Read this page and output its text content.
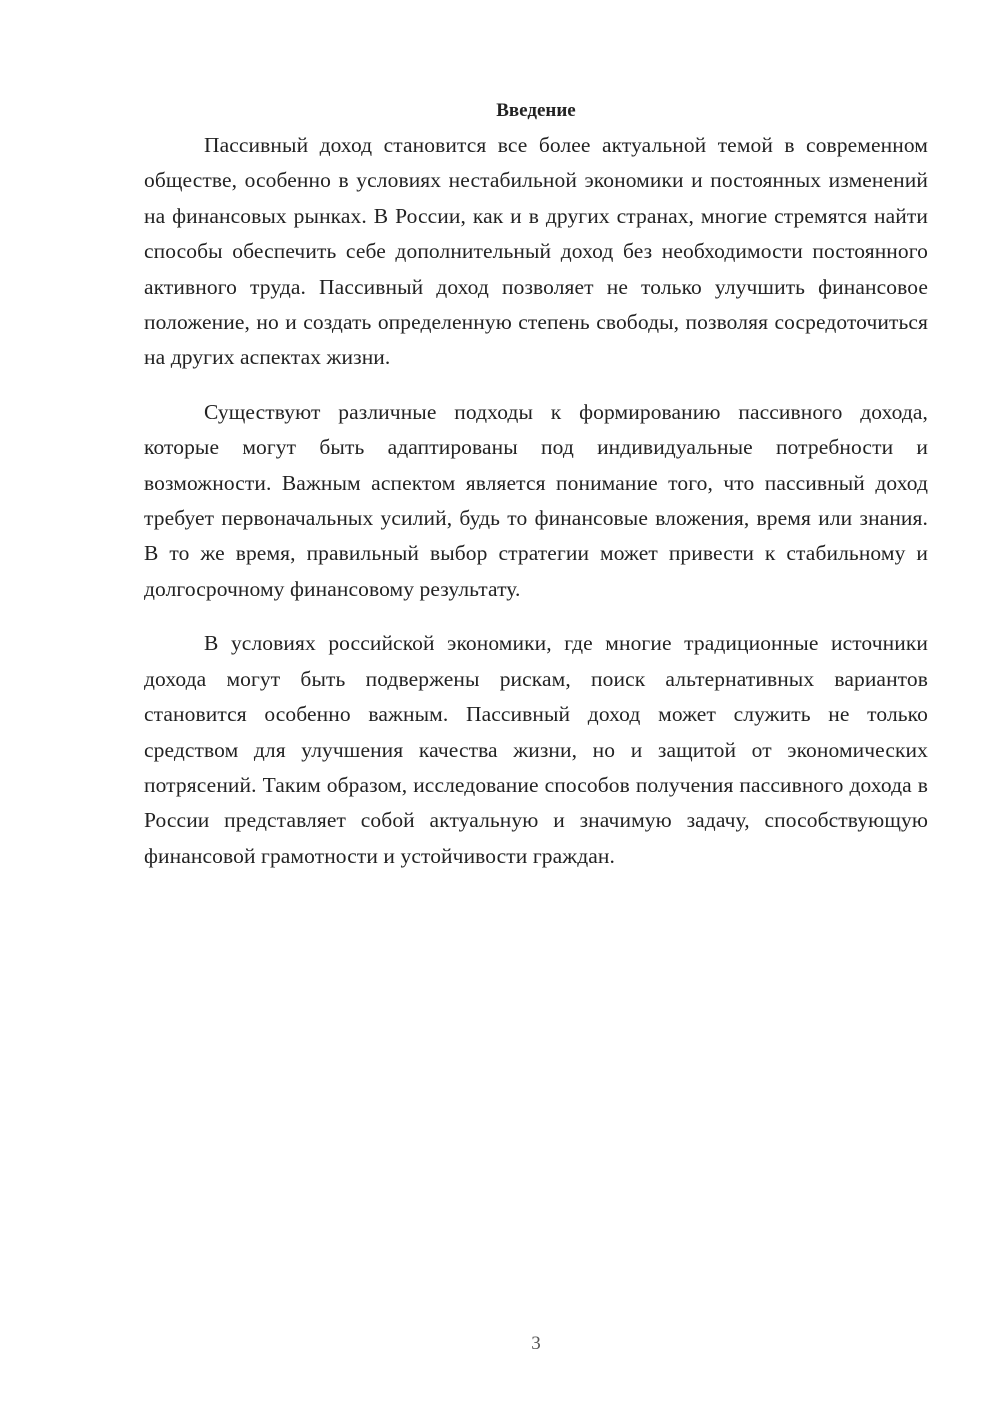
Введение

Пассивный доход становится все более актуальной темой в современном обществе, особенно в условиях нестабильной экономики и постоянных изменений на финансовых рынках. В России, как и в других странах, многие стремятся найти способы обеспечить себе дополнительный доход без необходимости постоянного активного труда. Пассивный доход позволяет не только улучшить финансовое положение, но и создать определенную степень свободы, позволяя сосредоточиться на других аспектах жизни.

Существуют различные подходы к формированию пассивного дохода, которые могут быть адаптированы под индивидуальные потребности и возможности. Важным аспектом является понимание того, что пассивный доход требует первоначальных усилий, будь то финансовые вложения, время или знания. В то же время, правильный выбор стратегии может привести к стабильному и долгосрочному финансовому результату.

В условиях российской экономики, где многие традиционные источники дохода могут быть подвержены рискам, поиск альтернативных вариантов становится особенно важным. Пассивный доход может служить не только средством для улучшения качества жизни, но и защитой от экономических потрясений. Таким образом, исследование способов получения пассивного дохода в России представляет собой актуальную и значимую задачу, способствующую финансовой грамотности и устойчивости граждан.

3
